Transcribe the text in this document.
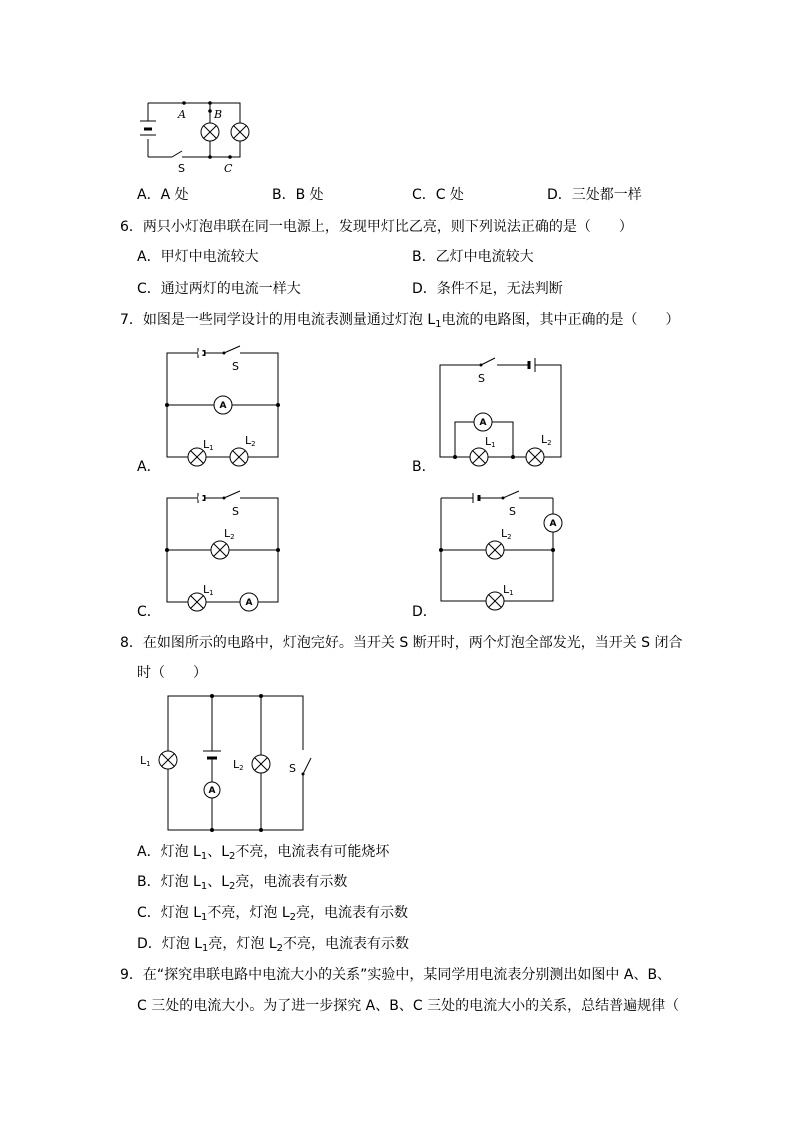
A	B
C
S
A．A 处	B．B 处	C．C 处	D．三处都一样
6．两只小灯泡串联在同一电源上，发现甲灯比乙亮，则下列说法正确的是（　　）
A．甲灯中电流较大	B．乙灯中电流较大
C．通过两灯的电流一样大	D．条件不足，无法判断
7．如图是一些同学设计的用电流表测量通过灯泡 $L_1$电流的电路图，其中正确的是（　　）
A
S
L1
L2
A．
A
S
L1	L2
B．
A
S
L2
L1
C．
A
S
L2
L1
D．
8．在如图所示的电路中，灯泡完好。当开关 S 断开时，两个灯泡全部发光，当开关 S 闭合
时（　　）
A
L1	L2	S
A．灯泡 $L_1$、$L_2$不亮，电流表有可能烧坏
B．灯泡 $L_1$、$L_2$亮，电流表有示数
C．灯泡 $L_1$不亮，灯泡 $L_2$亮，电流表有示数
D．灯泡 $L_1$亮，灯泡 $L_2$不亮，电流表有示数
9．在“探究串联电路中电流大小的关系”实验中，某同学用电流表分别测出如图中 A、B、
C 三处的电流大小。为了进一步探究 A、B、C 三处的电流大小的关系，总结普遍规律（
